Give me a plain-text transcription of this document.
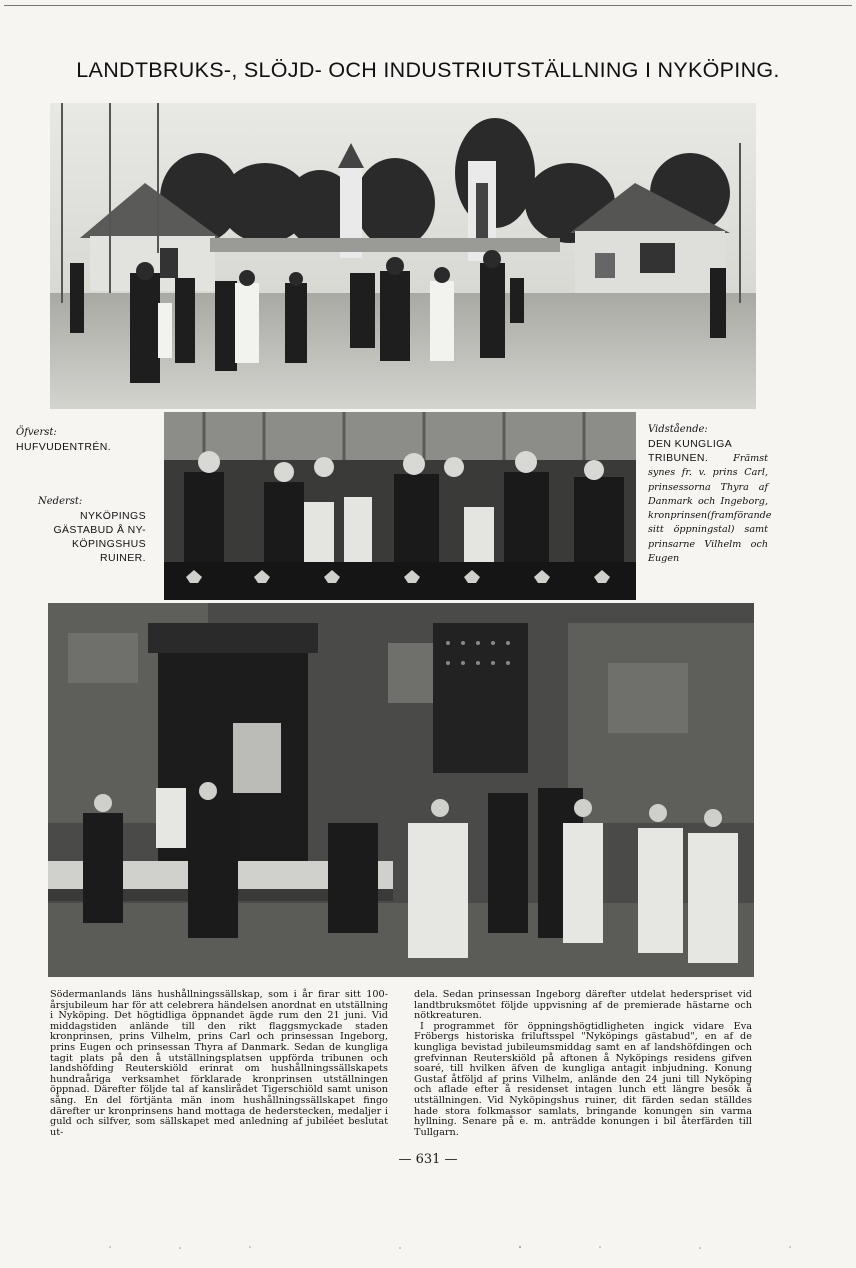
LANDTBRUKS-, SLÖJD- OCH INDUSTRIUTSTÄLLNING I NYKÖPING.
Öfverst:
HUFVUDENTRÉN.
Nederst:
NYKÖPINGS
GÄSTABUD Å NY-
KÖPINGSHUS
RUINER.
Vidstående:
DEN KUNGLIGA
TRIBUNEN.	Främst synes fr. v. prins Carl, prinsessorna Thyra af Danmark och Ingeborg, kronprinsen(framförande sitt öppningstal) samt prinsarne Vilhelm och Eugen

Södermanlands läns hushållningssällskap, som i år firar sitt 100-årsjubileum har för att celebrera händelsen anordnat en utställning i Nyköping. Det högtidliga öppnandet ägde rum den 21 juni. Vid middagstiden anlände till den rikt flaggsmyckade staden kronprinsen, prins Vilhelm, prins Carl och prinsessan Ingeborg, prins Eugen och prinsessan Thyra af Danmark. Sedan de kungliga tagit plats på den å utställningsplatsen uppförda tribunen och landshöfding Reuterskiöld erinrat om hushållningssällskapets hundraåriga verksamhet förklarade kronprinsen utställningen öppnad. Därefter följde tal af kanslirådet Tigerschiöld samt unison sång. En del förtjänta män inom hushållningssällskapet fingo därefter ur kronprinsens hand mottaga de hederstecken, medaljer i guld och silfver, som sällskapet med anledning af jubiléet beslutat ut-

dela. Sedan prinsessan Ingeborg därefter utdelat hederspriset vid landtbruksmötet följde uppvisning af de premierade hästarne och nötkreaturen.

I programmet för öppningshögtidligheten ingick vidare Eva Fröbergs historiska friluftsspel "Nyköpings gästabud", en af de kungliga bevistad jubileumsmiddag samt en af landshöfdingen och grefvinnan Reuterskiöld på aftonen å Nyköpings residens gifven soaré, till hvilken äfven de kungliga antagit inbjudning. Konung Gustaf åtföljd af prins Vilhelm, anlände den 24 juni till Nyköping och aflade efter å residenset intagen lunch ett längre besök å utställningen. Vid Nyköpingshus ruiner, dit färden sedan ställdes hade stora folkmassor samlats, bringande konungen sin varma hyllning. Senare på e. m. anträdde konungen i bil återfärden till Tullgarn.

— 631 —
